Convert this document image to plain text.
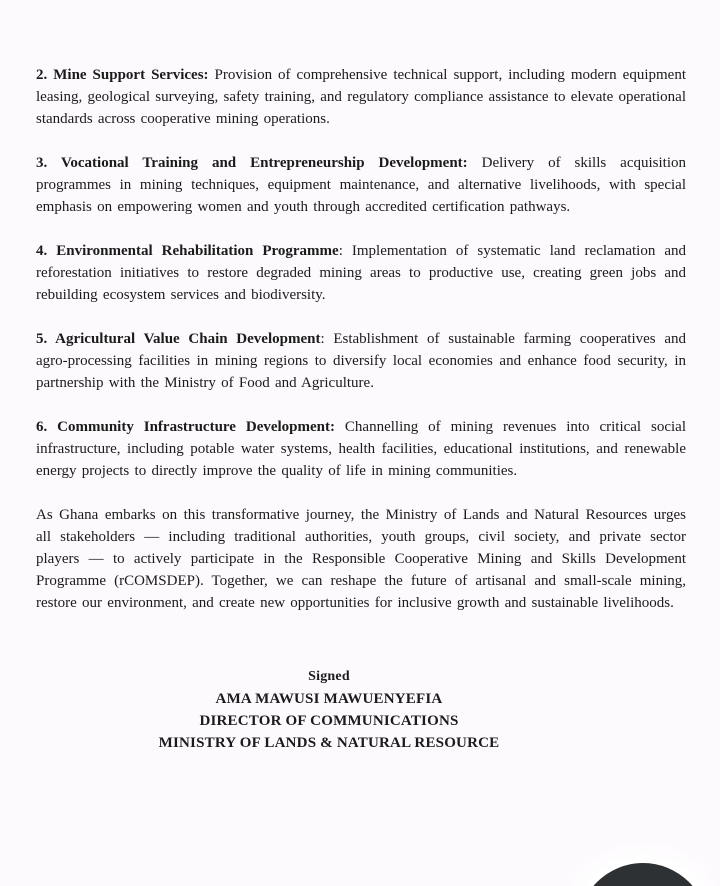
2. Mine Support Services: Provision of comprehensive technical support, including modern equipment leasing, geological surveying, safety training, and regulatory compliance assistance to elevate operational standards across cooperative mining operations.

3. Vocational Training and Entrepreneurship Development: Delivery of skills acquisition programmes in mining techniques, equipment maintenance, and alternative livelihoods, with special emphasis on empowering women and youth through accredited certification pathways.

4. Environmental Rehabilitation Programme: Implementation of systematic land reclamation and reforestation initiatives to restore degraded mining areas to productive use, creating green jobs and rebuilding ecosystem services and biodiversity.

5. Agricultural Value Chain Development: Establishment of sustainable farming cooperatives and agro-processing facilities in mining regions to diversify local economies and enhance food security, in partnership with the Ministry of Food and Agriculture.

6. Community Infrastructure Development: Channelling of mining revenues into critical social infrastructure, including potable water systems, health facilities, educational institutions, and renewable energy projects to directly improve the quality of life in mining communities.

As Ghana embarks on this transformative journey, the Ministry of Lands and Natural Resources urges all stakeholders — including traditional authorities, youth groups, civil society, and private sector players — to actively participate in the Responsible Cooperative Mining and Skills Development Programme (rCOMSDEP). Together, we can reshape the future of artisanal and small-scale mining, restore our environment, and create new opportunities for inclusive growth and sustainable livelihoods.

Signed
AMA MAWUSI MAWUENYEFIA
DIRECTOR OF COMMUNICATIONS
MINISTRY OF LANDS & NATURAL RESOURCE
